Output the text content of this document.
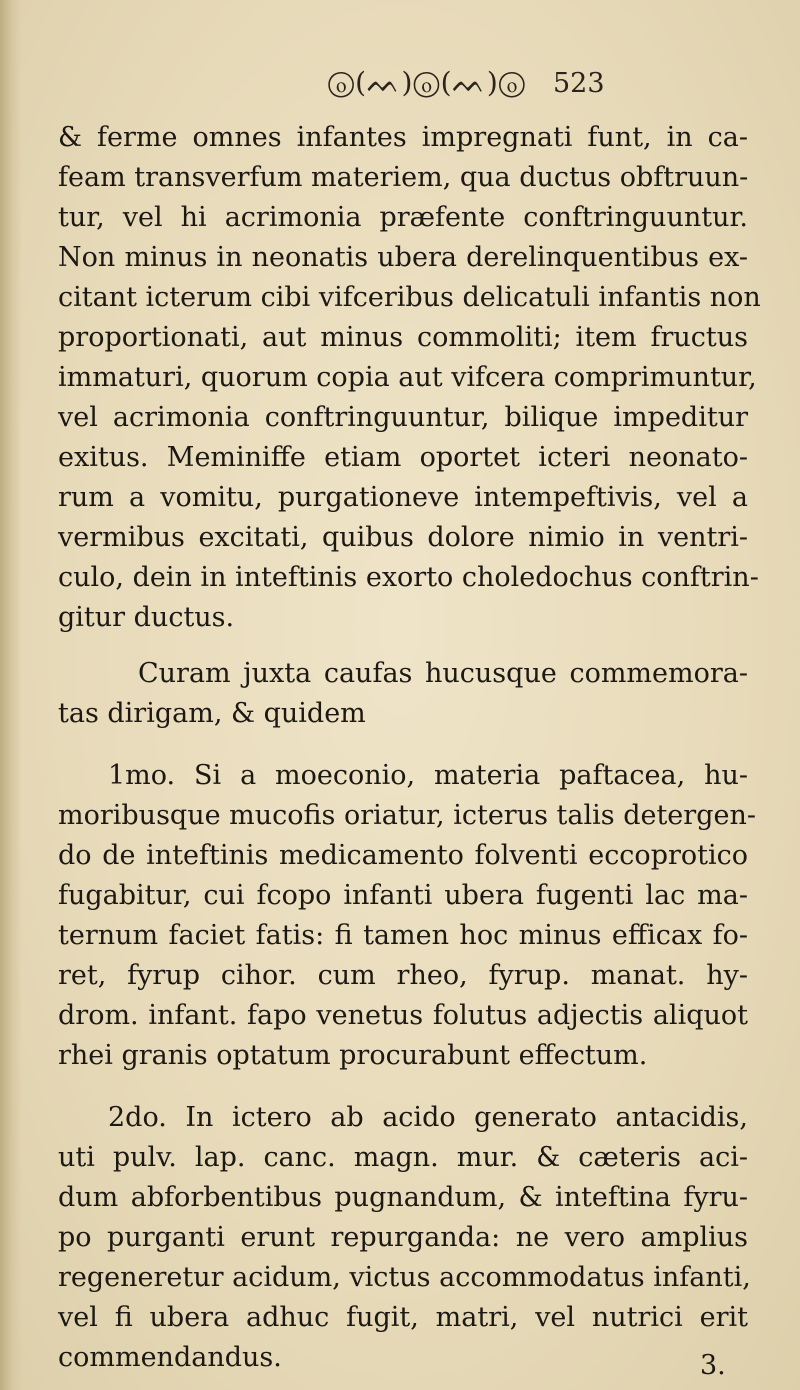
ⓞ(ᨓ)ⓞ(ᨓ)ⓞ 523
& ferme omnes infantes impregnati funt, in ca-
feam transverfum materiem, qua ductus obftruun-
tur, vel hi acrimonia præfente conftringuuntur.
Non minus in neonatis ubera derelinquentibus ex-
citant icterum cibi vifceribus delicatuli infantis non
proportionati, aut minus commoliti; item fructus
immaturi, quorum copia aut vifcera comprimuntur,
vel acrimonia conftringuuntur, bilique impeditur
exitus. Meminiffe etiam oportet icteri neonato-
rum a vomitu, purgationeve intempeftivis, vel a
vermibus excitati, quibus dolore nimio in ventri-
culo, dein in inteftinis exorto choledochus conftrin-
gitur ductus.
Curam juxta caufas hucusque commemora-
tas dirigam, & quidem
1mo. Si a moeconio, materia paftacea, hu-
moribusque mucofis oriatur, icterus talis detergen-
do de inteftinis medicamento folventi eccoprotico
fugabitur, cui fcopo infanti ubera fugenti lac ma-
ternum faciet fatis: fi tamen hoc minus efficax fo-
ret, fyrup cihor. cum rheo, fyrup. manat. hy-
drom. infant. fapo venetus folutus adjectis aliquot
rhei granis optatum procurabunt effectum.
2do. In ictero ab acido generato antacidis,
uti pulv. lap. canc. magn. mur. & cæteris aci-
dum abforbentibus pugnandum, & inteftina fyru-
po purganti erunt repurganda: ne vero amplius
regeneretur acidum, victus accommodatus infanti,
vel fi ubera adhuc fugit, matri, vel nutrici erit
commendandus.	3.
